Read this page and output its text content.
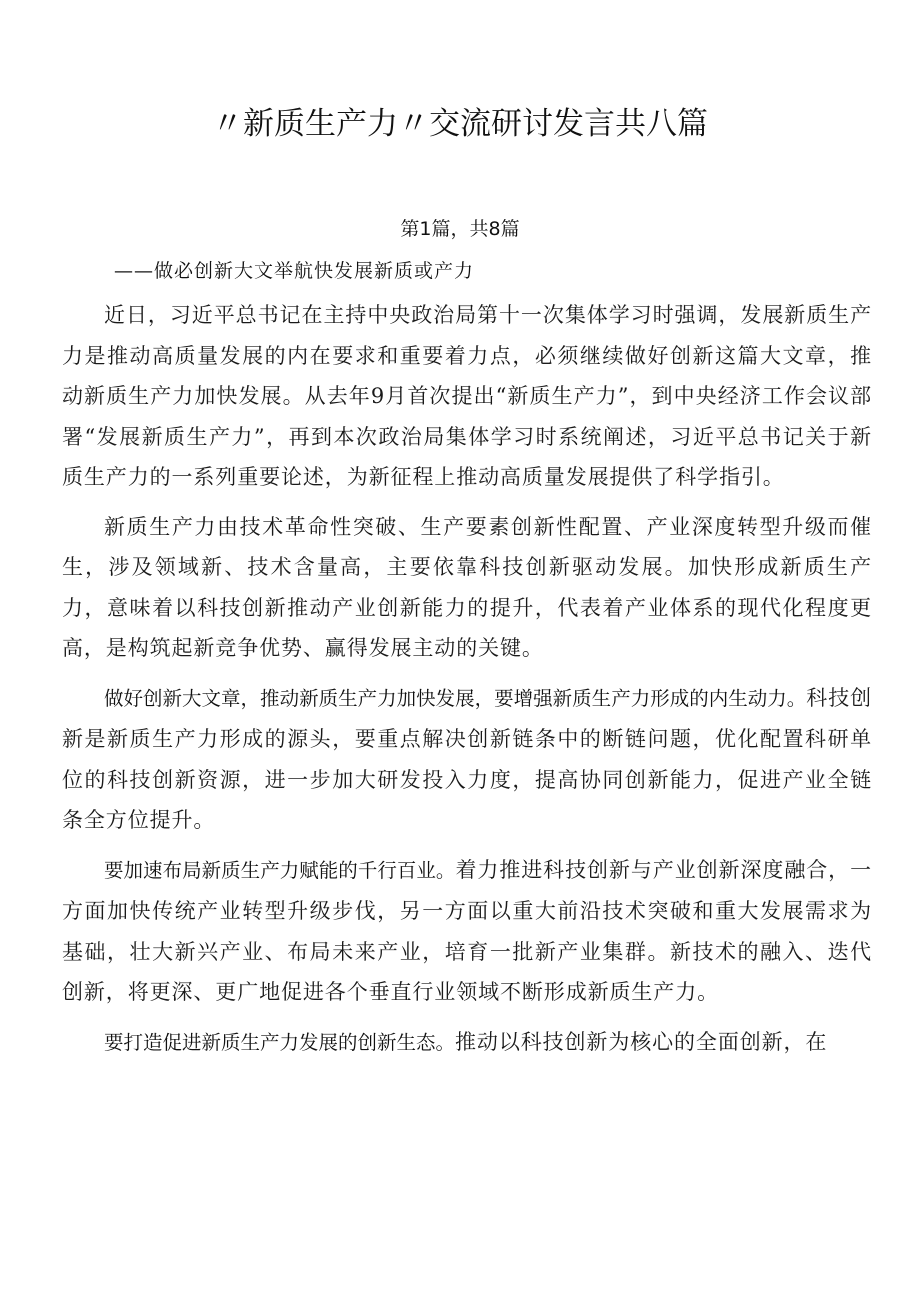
〃新质生产力〃交流研讨发言共八篇
第1篇，共8篇
——做必创新大文举航快发展新质或产力

近日，习近平总书记在主持中央政治局第十一次集体学习时强调，发展新质生产力是推动高质量发展的内在要求和重要着力点，必须继续做好创新这篇大文章，推动新质生产力加快发展。从去年9月首次提出“新质生产力”，到中央经济工作会议部署“发展新质生产力”，再到本次政治局集体学习时系统阐述，习近平总书记关于新质生产力的一系列重要论述，为新征程上推动高质量发展提供了科学指引。

新质生产力由技术革命性突破、生产要素创新性配置、产业深度转型升级而催生，涉及领域新、技术含量高，主要依靠科技创新驱动发展。加快形成新质生产力，意味着以科技创新推动产业创新能力的提升，代表着产业体系的现代化程度更高，是构筑起新竞争优势、赢得发展主动的关键。

做好创新大文章，推动新质生产力加快发展，要增强新质生产力形成的内生动力。科技创新是新质生产力形成的源头，要重点解决创新链条中的断链问题，优化配置科研单位的科技创新资源，进一步加大研发投入力度，提高协同创新能力，促进产业全链条全方位提升。

要加速布局新质生产力赋能的千行百业。着力推进科技创新与产业创新深度融合，一方面加快传统产业转型升级步伐，另一方面以重大前沿技术突破和重大发展需求为基础，壮大新兴产业、布局未来产业，培育一批新产业集群。新技术的融入、迭代创新，将更深、更广地促进各个垂直行业领域不断形成新质生产力。

要打造促进新质生产力发展的创新生态。推动以科技创新为核心的全面创新，在
